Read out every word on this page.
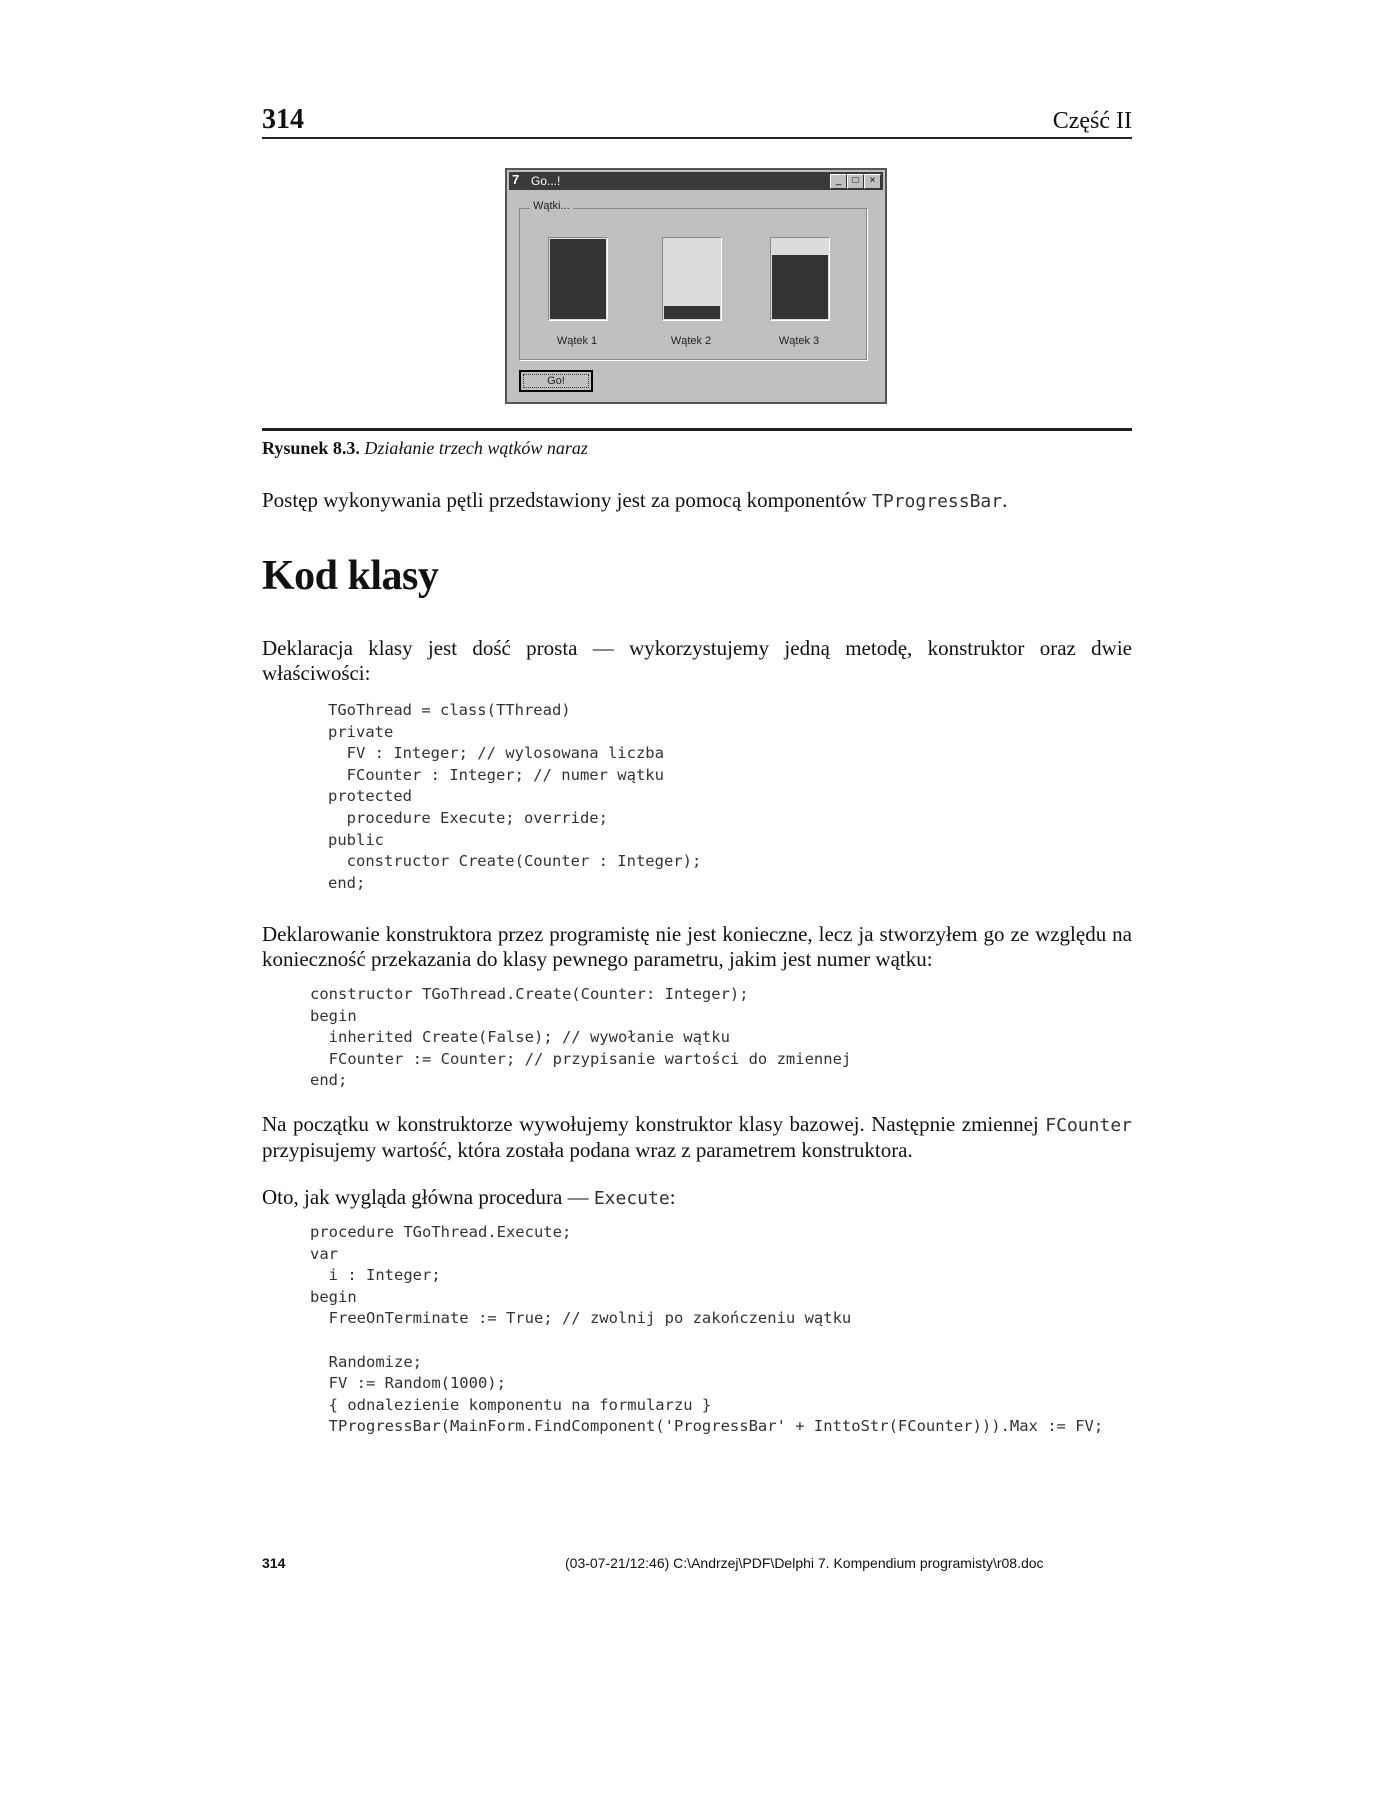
314	Część II
7 Go...!	_	□	×
Wątki...
Wątek 1	Wątek 2	Wątek 3
Go!
Rysunek 8.3. Działanie trzech wątków naraz
Postęp wykonywania pętli przedstawiony jest za pomocą komponentów TProgressBar.
Kod klasy
Deklaracja klasy jest dość prosta — wykorzystujemy jedną metodę, konstruktor oraz dwie właściwości:
TGoThread = class(TThread)
private
FV : Integer; // wylosowana liczba
FCounter : Integer; // numer wątku
protected
procedure Execute; override;
public
constructor Create(Counter : Integer);
end;
Deklarowanie konstruktora przez programistę nie jest konieczne, lecz ja stworzyłem go ze względu na konieczność przekazania do klasy pewnego parametru, jakim jest numer wątku:
constructor TGoThread.Create(Counter: Integer);
begin
inherited Create(False); // wywołanie wątku
FCounter := Counter; // przypisanie wartości do zmiennej
end;
Na początku w konstruktorze wywołujemy konstruktor klasy bazowej. Następnie zmiennej FCounter przypisujemy wartość, która została podana wraz z parametrem konstruktora.
Oto, jak wygląda główna procedura — Execute:
procedure TGoThread.Execute;
var
i : Integer;
begin
FreeOnTerminate := True; // zwolnij po zakończeniu wątku

Randomize;
FV := Random(1000);
{ odnalezienie komponentu na formularzu }
TProgressBar(MainForm.FindComponent('ProgressBar' + InttoStr(FCounter))).Max := FV;
314	(03-07-21/12:46) C:\Andrzej\PDF\Delphi 7. Kompendium programisty\r08.doc
